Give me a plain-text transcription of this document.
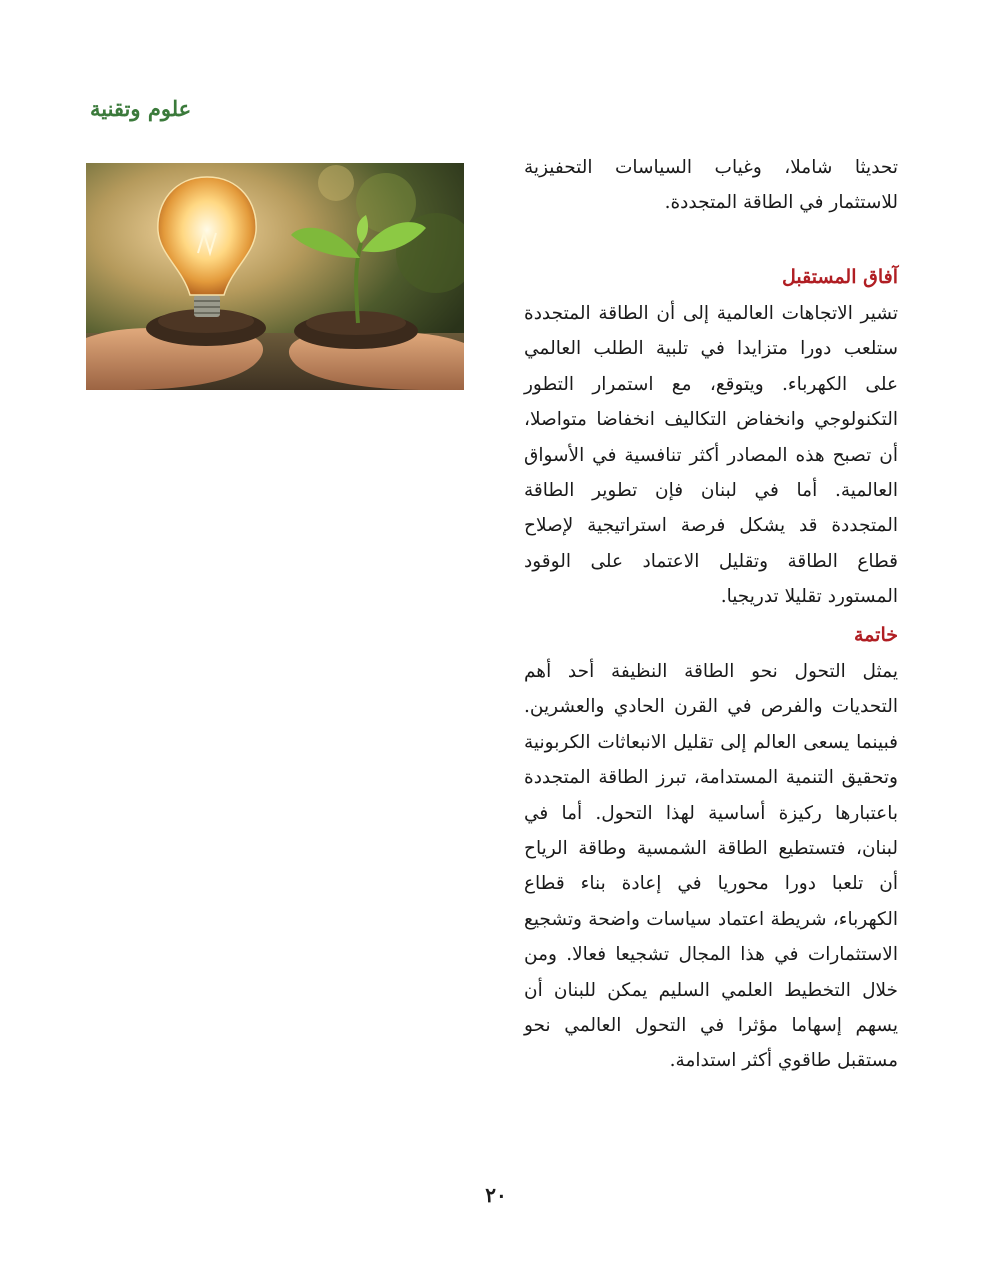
علوم وتقنية

تحديثا شاملا، وغياب السياسات التحفيزية للاستثمار في الطاقة المتجددة.

آفاق المستقبل

تشير الاتجاهات العالمية إلى أن الطاقة المتجددة ستلعب دورا متزايدا في تلبية الطلب العالمي على الكهرباء. ويتوقع، مع استمرار التطور التكنولوجي وانخفاض التكاليف انخفاضا متواصلا، أن تصبح هذه المصادر أكثر تنافسية في الأسواق العالمية. أما في لبنان فإن تطوير الطاقة المتجددة قد يشكل فرصة استراتيجية لإصلاح قطاع الطاقة وتقليل الاعتماد على الوقود المستورد تقليلا تدريجيا.

خاتمة

يمثل التحول نحو الطاقة النظيفة أحد أهم التحديات والفرص في القرن الحادي والعشرين. فبينما يسعى العالم إلى تقليل الانبعاثات الكربونية وتحقيق التنمية المستدامة، تبرز الطاقة المتجددة باعتبارها ركيزة أساسية لهذا التحول. أما في لبنان، فتستطيع الطاقة الشمسية وطاقة الرياح أن تلعبا دورا محوريا في إعادة بناء قطاع الكهرباء، شريطة اعتماد سياسات واضحة وتشجيع الاستثمارات في هذا المجال تشجيعا فعالا. ومن خلال التخطيط العلمي السليم يمكن للبنان أن يسهم إسهاما مؤثرا في التحول العالمي نحو مستقبل طاقوي أكثر استدامة.

٢٠
